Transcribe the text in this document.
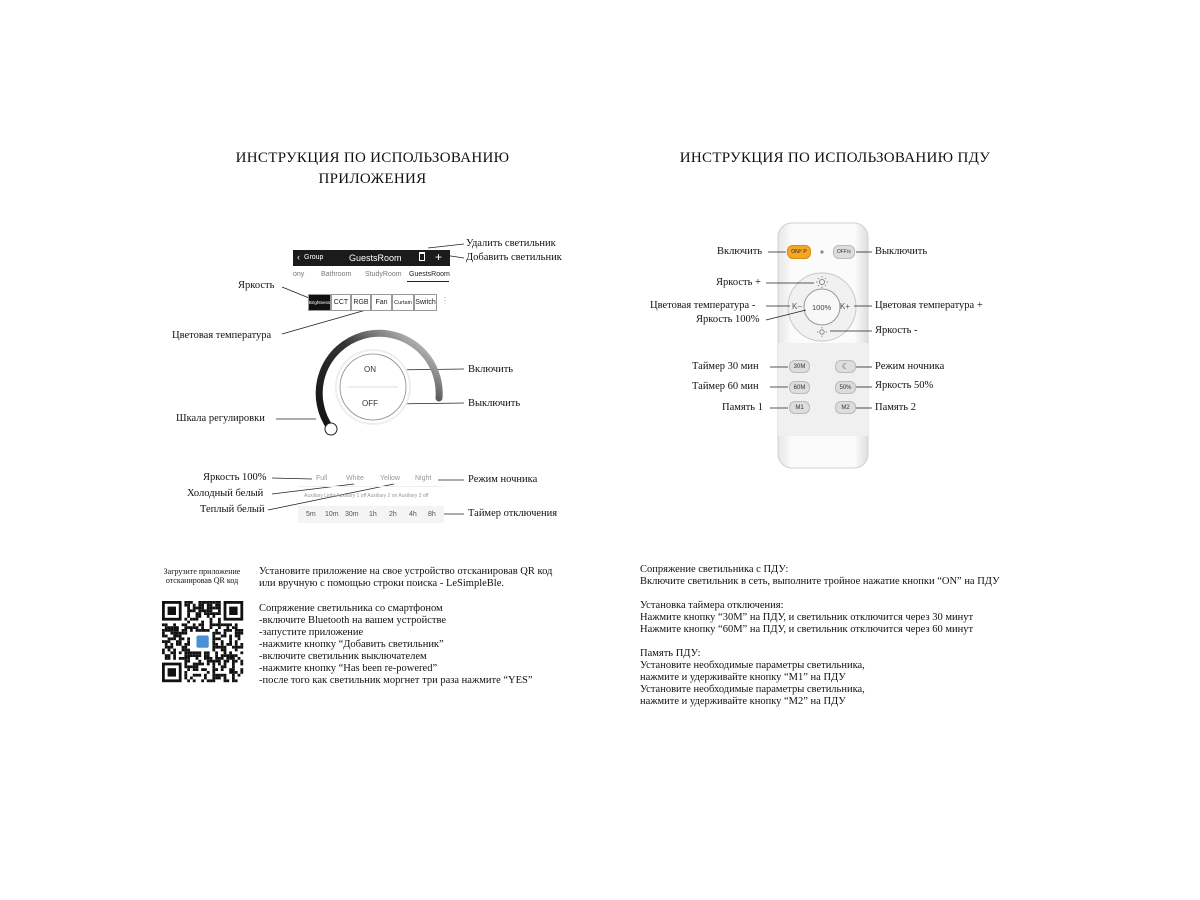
ИНСТРУКЦИЯ ПО ИСПОЛЬЗОВАНИЮ
ПРИЛОЖЕНИЯ
‹ Group	GuestsRoom	+
ony Bathroom StudyRoom GuestsRoom
Brightness CCT RGB Fan	Curtain Switch ⋮
ON
OFF
Full	White Yellow Night
Auxiliary Light Auxiliary 1 off Auxiliary 2 on Auxiliary 3 off
5m 10m 30m 1h 2h 4h 8h
Удалить светильник
Добавить светильник
Яркость
Цветовая температура
Включить
Выключить
Шкала регулировки
Яркость 100%
Холодный белый
Теплый белый
Режим ночника
Таймер отключения
Загрузите приложение
отсканировав QR код
Установите приложение на свое устройство отсканировав QR код
или вручную с помощью строки поиска - LeSimpleBle.
Сопряжение светильника со смартфоном
-включите Bluetooth на вашем устройстве
-запустите приложение
-нажмите кнопку “Добавить светильник”
-включите светильник выключателем
-нажмите кнопку “Has been re-powered”
-после того как светильник моргнет три раза нажмите “YES”
ИНСТРУКЦИЯ ПО ИСПОЛЬЗОВАНИЮ ПДУ
ON/º P	OFF/≡
K–	K+
100%
30M
60M
M1
☾
50%
M2
Включить	Выключить
Яркость +
Цветовая температура -	Цветовая температура +
Яркость 100%
Яркость -
Таймер 30 мин
Таймер 60 мин
Память 1
Режим ночника
Яркость 50%
Память 2
Сопряжение светильника с ПДУ:
Включите светильник в сеть, выполните тройное нажатие кнопки “ON” на ПДУ
Установка таймера отключения:
Нажмите кнопку “30M” на ПДУ, и светильник отключится через 30 минут
Нажмите кнопку “60M” на ПДУ, и светильник отключится через 60 минут
Память ПДУ:
Установите необходимые параметры светильника,
нажмите и удерживайте кнопку “M1” на ПДУ
Установите необходимые параметры светильника,
нажмите и удерживайте кнопку “M2” на ПДУ
